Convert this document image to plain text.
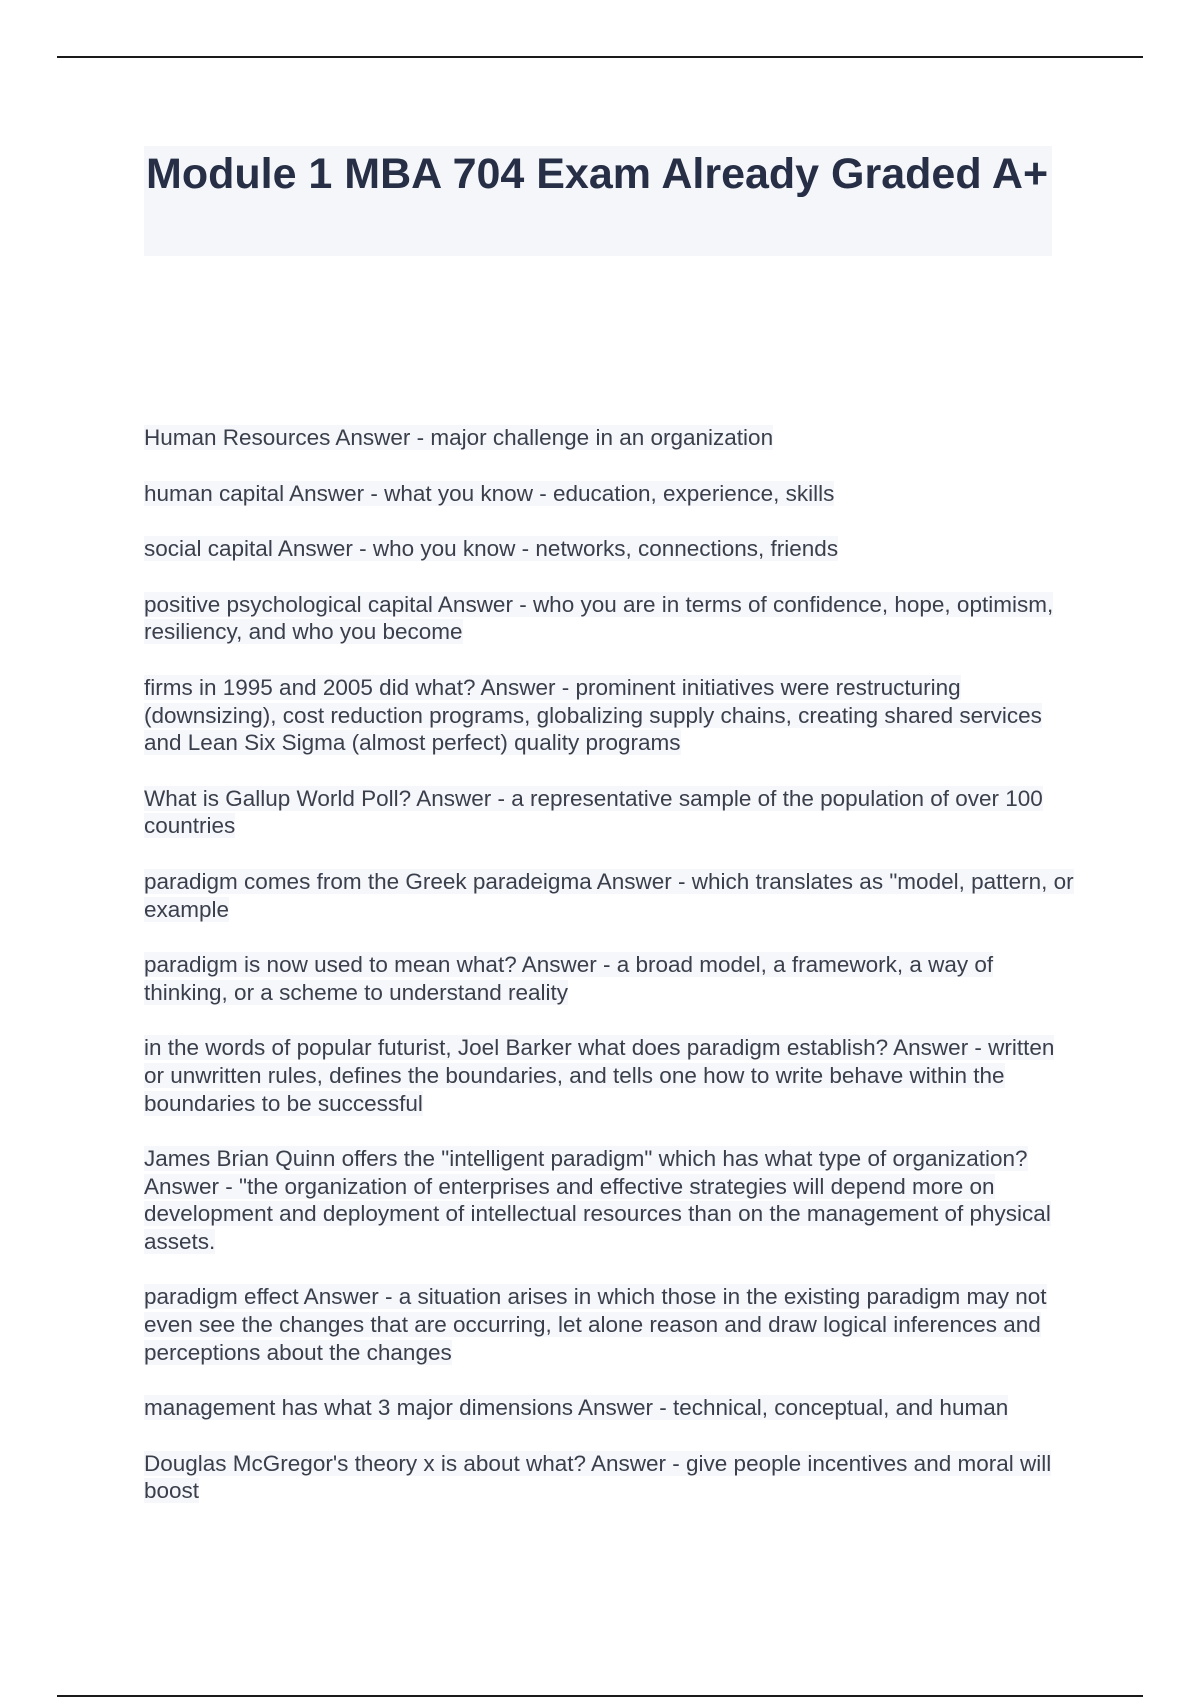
Module 1 MBA 704 Exam Already Graded A+
Human Resources Answer - major challenge in an organization
human capital Answer - what you know - education, experience, skills
social capital Answer - who you know - networks, connections, friends
positive psychological capital Answer - who you are in terms of confidence, hope, optimism, resiliency, and who you become
firms in 1995 and 2005 did what? Answer - prominent initiatives were restructuring (downsizing), cost reduction programs, globalizing supply chains, creating shared services and Lean Six Sigma (almost perfect) quality programs
What is Gallup World Poll? Answer - a representative sample of the population of over 100 countries
paradigm comes from the Greek paradeigma Answer - which translates as "model, pattern, or example
paradigm is now used to mean what? Answer - a broad model, a framework, a way of thinking, or a scheme to understand reality
in the words of popular futurist, Joel Barker what does paradigm establish? Answer - written or unwritten rules, defines the boundaries, and tells one how to write behave within the boundaries to be successful
James Brian Quinn offers the "intelligent paradigm" which has what type of organization? Answer - "the organization of enterprises and effective strategies will depend more on development and deployment of intellectual resources than on the management of physical assets.
paradigm effect Answer - a situation arises in which those in the existing paradigm may not even see the changes that are occurring, let alone reason and draw logical inferences and perceptions about the changes
management has what 3 major dimensions Answer - technical, conceptual, and human
Douglas McGregor's theory x is about what? Answer - give people incentives and moral will boost
